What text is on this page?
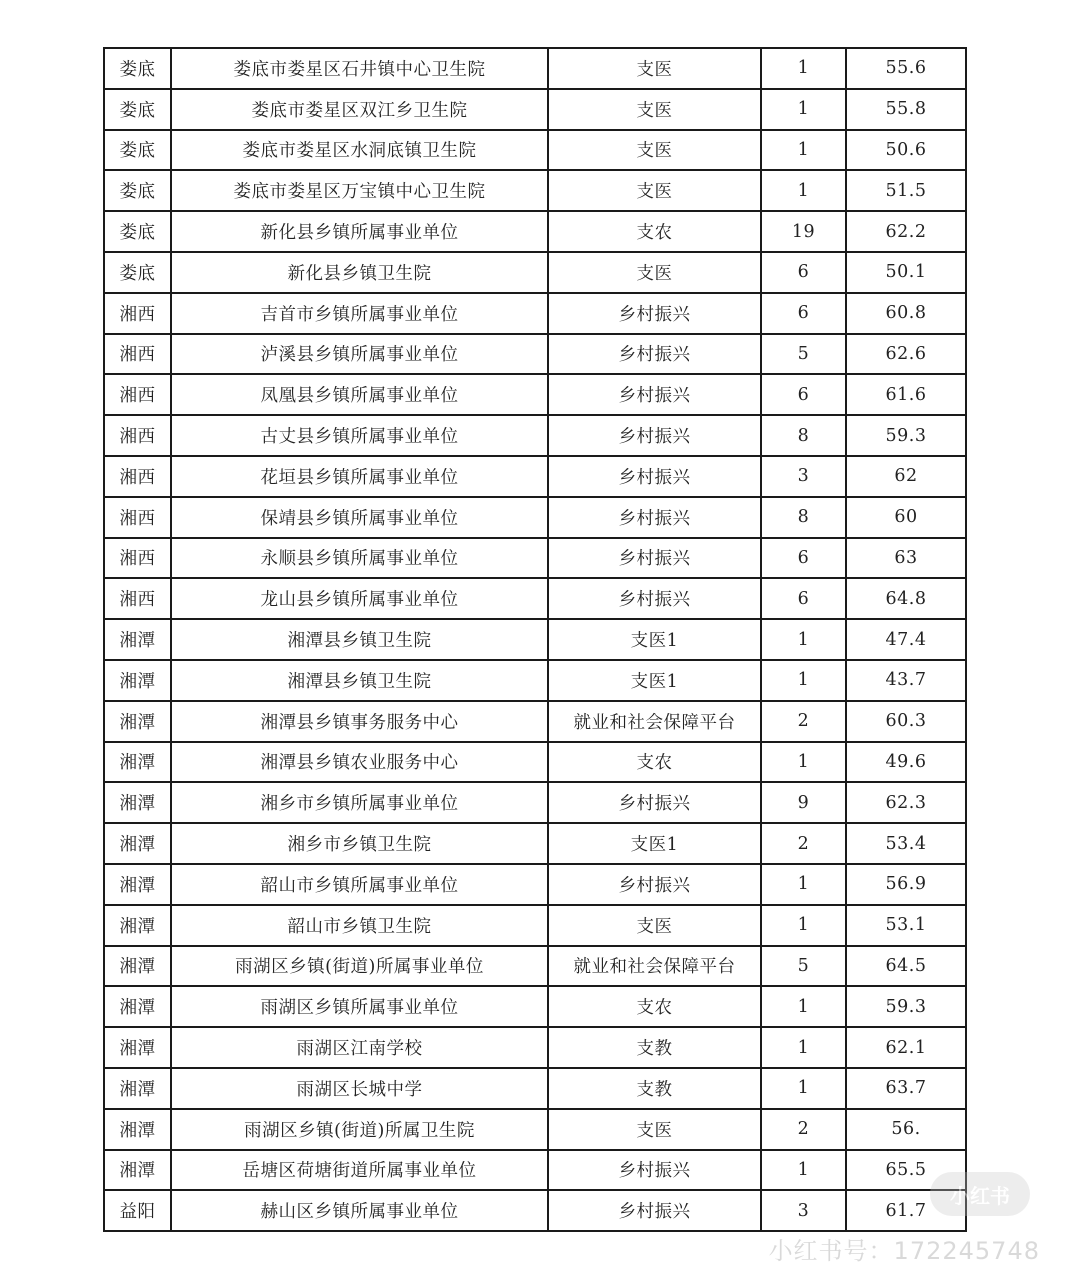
娄底	娄底市娄星区石井镇中心卫生院	支医	1	55.6
娄底	娄底市娄星区双江乡卫生院	支医	1	55.8
娄底	娄底市娄星区水洞底镇卫生院	支医	1	50.6
娄底	娄底市娄星区万宝镇中心卫生院	支医	1	51.5
娄底	新化县乡镇所属事业单位	支农	19	62.2
娄底	新化县乡镇卫生院	支医	6	50.1
湘西	吉首市乡镇所属事业单位	乡村振兴	6	60.8
湘西	泸溪县乡镇所属事业单位	乡村振兴	5	62.6
湘西	凤凰县乡镇所属事业单位	乡村振兴	6	61.6
湘西	古丈县乡镇所属事业单位	乡村振兴	8	59.3
湘西	花垣县乡镇所属事业单位	乡村振兴	3	62
湘西	保靖县乡镇所属事业单位	乡村振兴	8	60
湘西	永顺县乡镇所属事业单位	乡村振兴	6	63
湘西	龙山县乡镇所属事业单位	乡村振兴	6	64.8
湘潭	湘潭县乡镇卫生院	支医1	1	47.4
湘潭	湘潭县乡镇卫生院	支医1	1	43.7
湘潭	湘潭县乡镇事务服务中心	就业和社会保障平台	2	60.3
湘潭	湘潭县乡镇农业服务中心	支农	1	49.6
湘潭	湘乡市乡镇所属事业单位	乡村振兴	9	62.3
湘潭	湘乡市乡镇卫生院	支医1	2	53.4
湘潭	韶山市乡镇所属事业单位	乡村振兴	1	56.9
湘潭	韶山市乡镇卫生院	支医	1	53.1
湘潭	雨湖区乡镇(街道)所属事业单位	就业和社会保障平台	5	64.5
湘潭	雨湖区乡镇所属事业单位	支农	1	59.3
湘潭	雨湖区江南学校	支教	1	62.1
湘潭	雨湖区长城中学	支教	1	63.7
湘潭	雨湖区乡镇(街道)所属卫生院	支医	2	56.
湘潭	岳塘区荷塘街道所属事业单位	乡村振兴	1	65.5
益阳	赫山区乡镇所属事业单位	乡村振兴	3	61.7
小红书
小红书号：172245748
